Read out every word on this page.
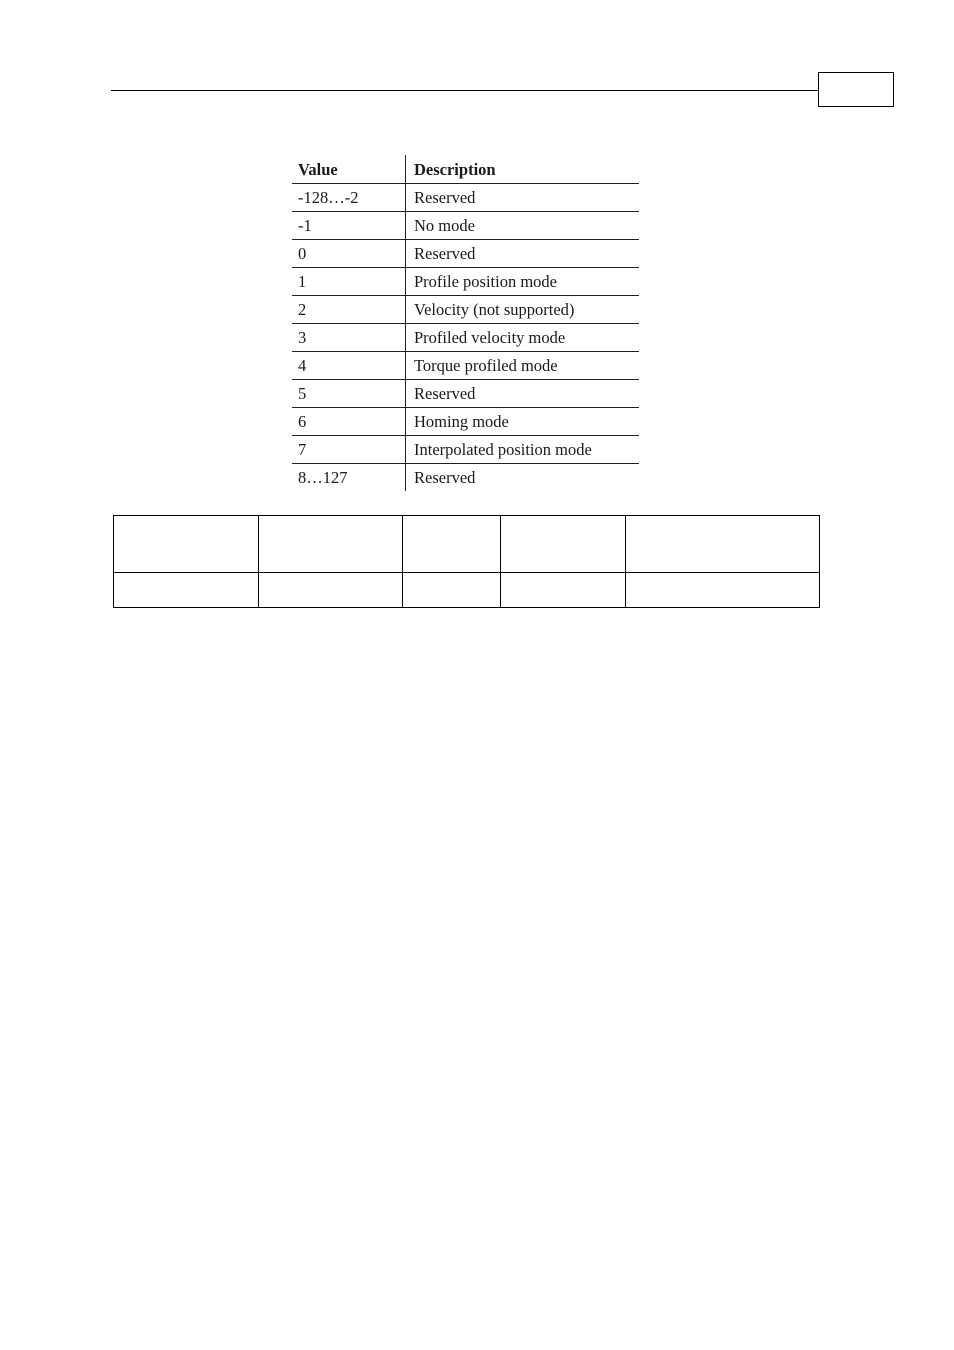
Value	Description
-128…-2	Reserved
-1	No mode
0	Reserved
1	Profile position mode
2	Velocity (not supported)
3	Profiled velocity mode
4	Torque profiled mode
5	Reserved
6	Homing mode
7	Interpolated position mode
8…127	Reserved
